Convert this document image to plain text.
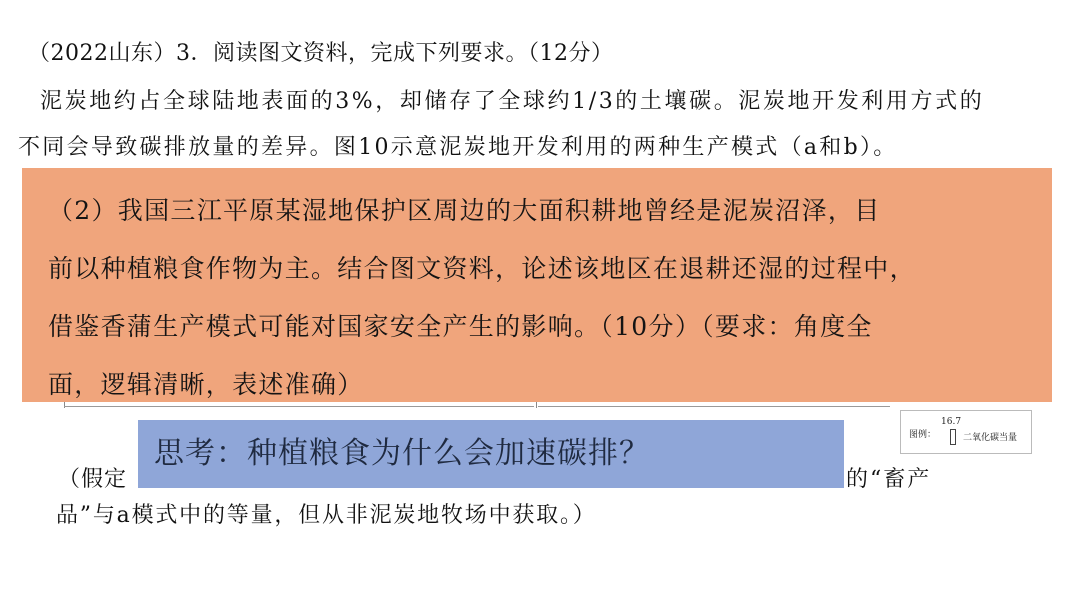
（2022山东）3．阅读图文资料，完成下列要求。（12分）
泥炭地约占全球陆地表面的3%，却储存了全球约1/3的土壤碳。泥炭地开发利用方式的
不同会导致碳排放量的差异。图10示意泥炭地开发利用的两种生产模式（a和b）。
（2）我国三江平原某湿地保护区周边的大面积耕地曾经是泥炭沼泽，目
前以种植粮食作物为主。结合图文资料，论述该地区在退耕还湿的过程中，
借鉴香蒲生产模式可能对国家安全产生的影响。（10分）（要求：角度全
面，逻辑清晰，表述准确）
图例：
16.7
二氧化碳当量
（假定	的“畜产
品”与a模式中的等量，但从非泥炭地牧场中获取。）
思考：种植粮食为什么会加速碳排？
